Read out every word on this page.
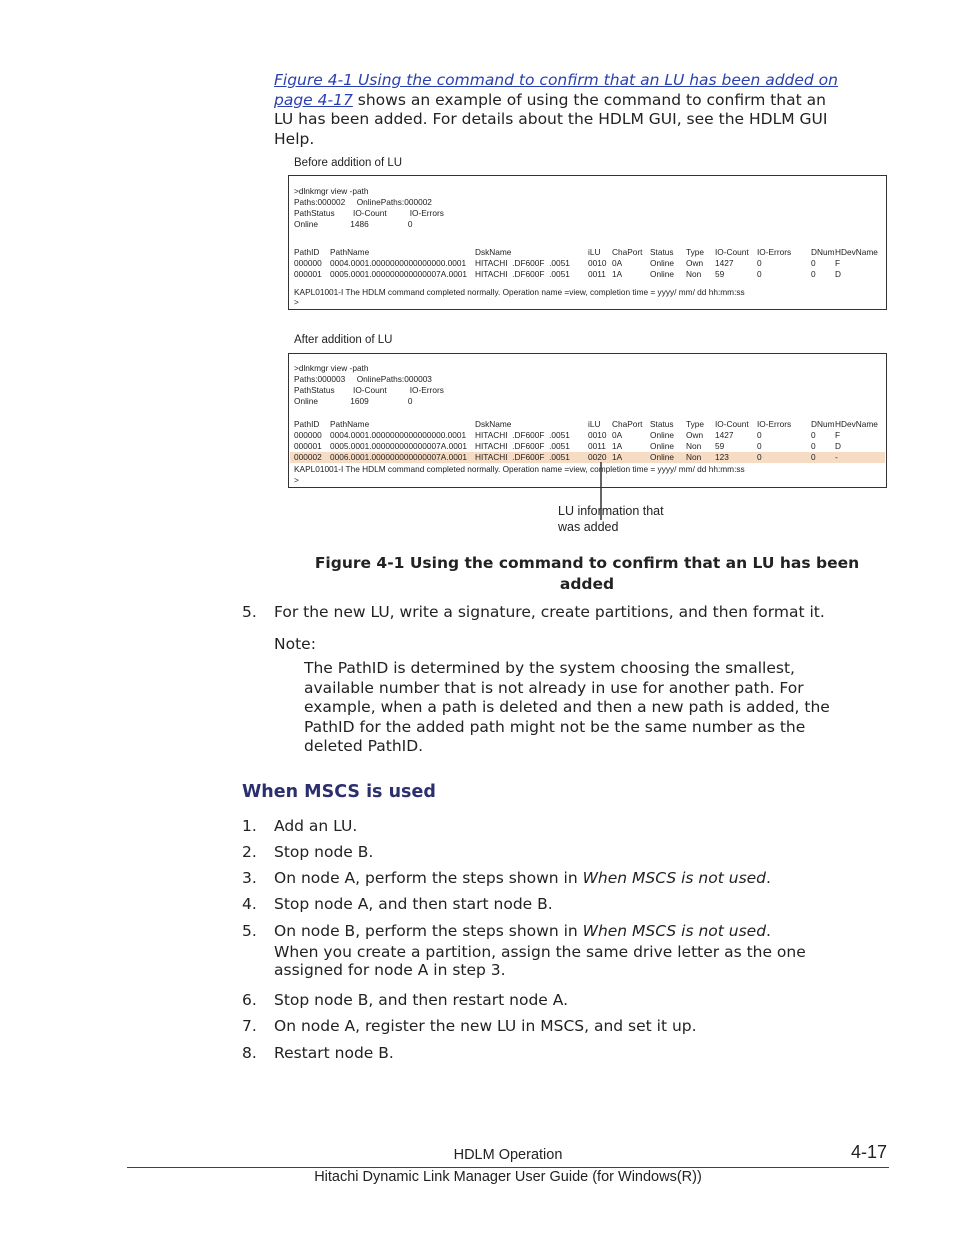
Figure 4-1 Using the command to confirm that an LU has been added on
page 4-17 shows an example of using the command to confirm that an
LU has been added. For details about the HDLM GUI, see the HDLM GUI
Help.
Before addition of LU
>dlnkmgr view -path
Paths:000002     OnlinePaths:000002
PathStatus        IO-Count          IO-Errors
Online              1486                 0
PathID PathName	DskName	iLU ChaPort Status Type IO-Count IO-Errors DNum HDevName
000000 0004.0001.0000000000000000.0001 HITACHI  .DF600F  .0051 0010 0A	Online Own 1427	0	0 F
000001 0005.0001.000000000000007A.0001 HITACHI  .DF600F  .0051 0011 1A	Online Non 59	0	0 D
KAPL01001-I The HDLM command completed normally. Operation name =view, completion time = yyyy/ mm/ dd hh:mm:ss
>
After addition of LU
>dlnkmgr view -path
Paths:000003     OnlinePaths:000003
PathStatus        IO-Count          IO-Errors
Online              1609                 0
PathID PathName	DskName	iLU ChaPort Status Type IO-Count IO-Errors DNum HDevName
000000 0004.0001.0000000000000000.0001 HITACHI  .DF600F  .0051 0010 0A	Online Own 1427	0	0 F
000001 0005.0001.000000000000007A.0001 HITACHI  .DF600F  .0051 0011 1A	Online Non 59	0	0 D
000002 0006.0001.000000000000007A.0001 HITACHI  .DF600F  .0051 0020 1A	Online Non 123	0	0 -
KAPL01001-I The HDLM command completed normally. Operation name =view, completion time = yyyy/ mm/ dd hh:mm:ss
>
LU information that
was added
Figure 4-1 Using the command to confirm that an LU has been
added
5.	For the new LU, write a signature, create partitions, and then format it.
Note:
The PathID is determined by the system choosing the smallest,
available number that is not already in use for another path. For
example, when a path is deleted and then a new path is added, the
PathID for the added path might not be the same number as the
deleted PathID.
When MSCS is used
1.	Add an LU.
2.	Stop node B.
3.	On node A, perform the steps shown in When MSCS is not used.
4.	Stop node A, and then start node B.
5.	On node B, perform the steps shown in When MSCS is not used.
When you create a partition, assign the same drive letter as the one
assigned for node A in step 3.
6.	Stop node B, and then restart node A.
7.	On node A, register the new LU in MSCS, and set it up.
8.	Restart node B.
HDLM Operation	4-17
Hitachi Dynamic Link Manager User Guide (for Windows(R))
